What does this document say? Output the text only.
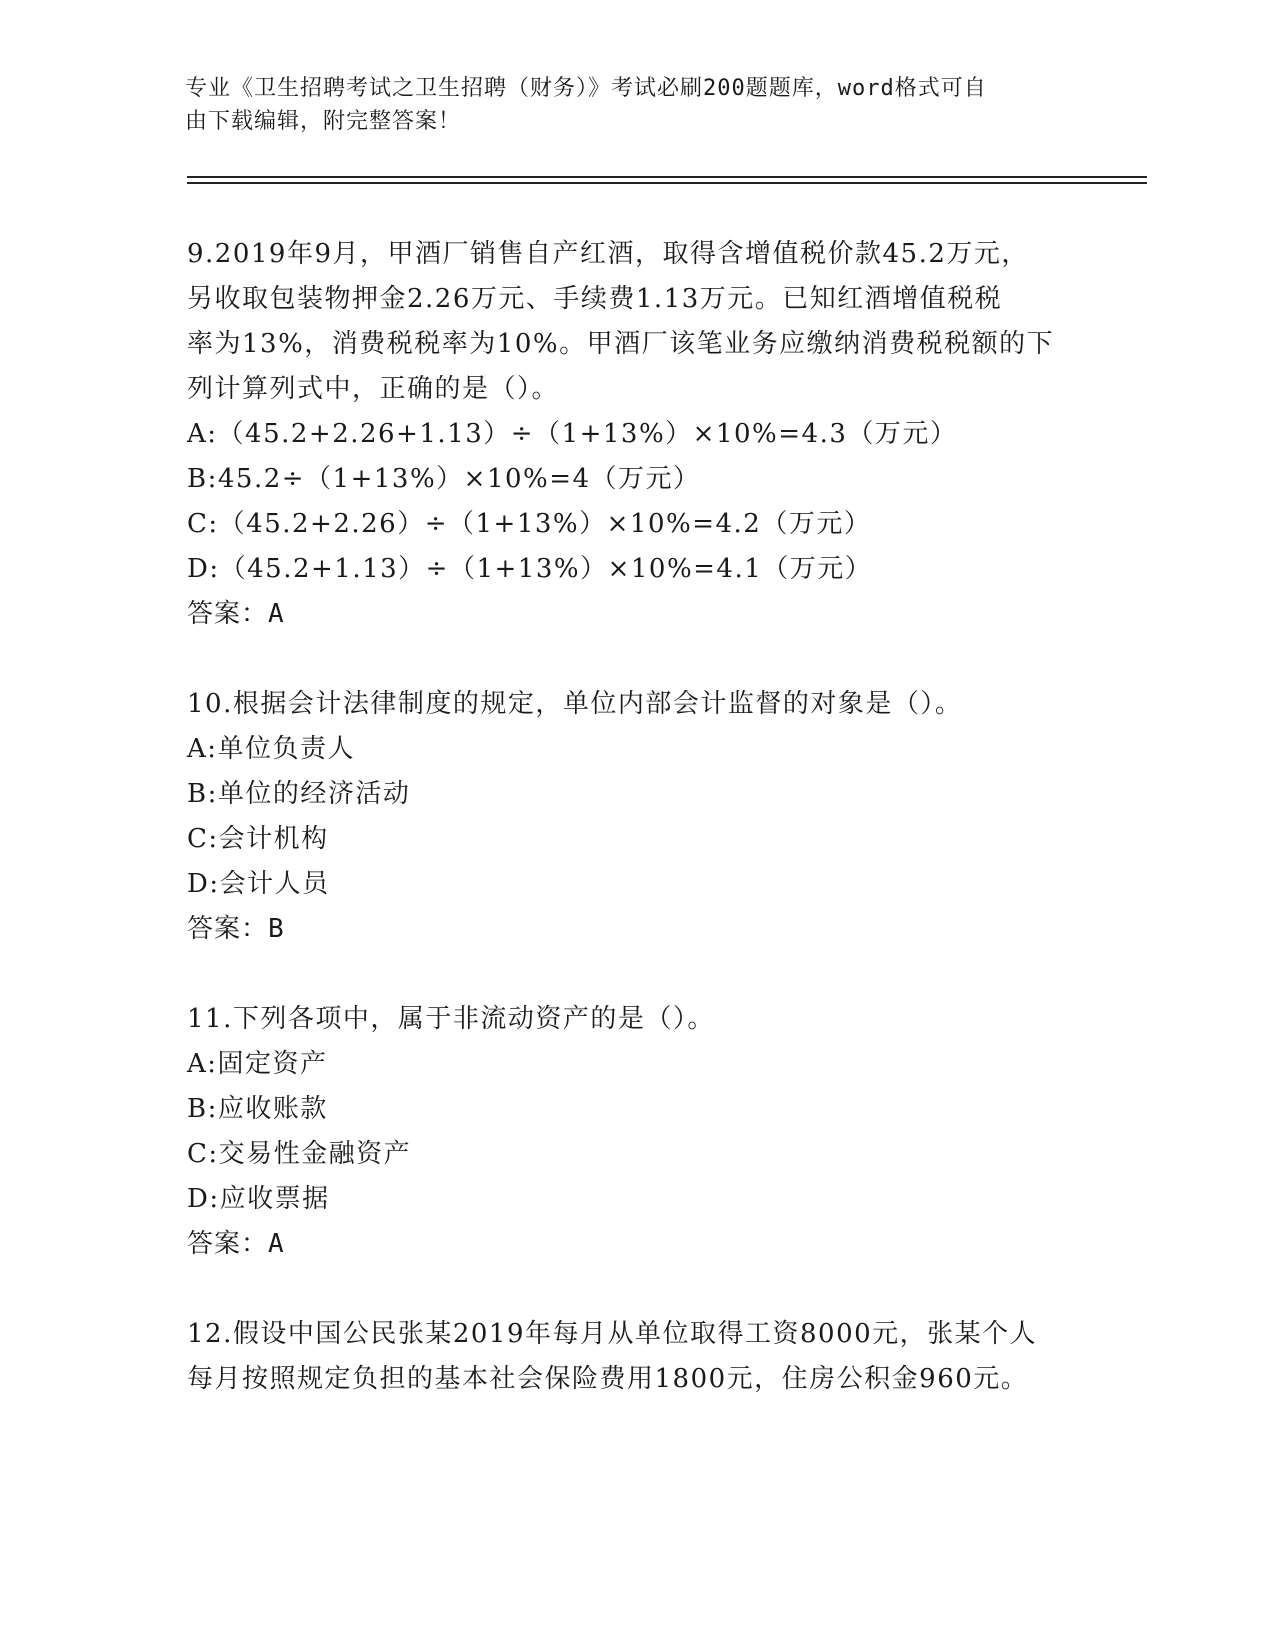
专业《卫生招聘考试之卫生招聘（财务）》考试必刷200题题库，word格式可自
由下载编辑，附完整答案！
9.2019年9月，甲酒厂销售自产红酒，取得含增值税价款45.2万元，
另收取包装物押金2.26万元、手续费1.13万元。已知红酒增值税税
率为13%，消费税税率为10%。甲酒厂该笔业务应缴纳消费税税额的下
列计算列式中，正确的是（）。
A:（45.2+2.26+1.13）÷（1+13%）×10%=4.3（万元）
B:45.2÷（1+13%）×10%=4（万元）
C:（45.2+2.26）÷（1+13%）×10%=4.2（万元）
D:（45.2+1.13）÷（1+13%）×10%=4.1（万元）
答案：A
10.根据会计法律制度的规定，单位内部会计监督的对象是（）。
A:单位负责人
B:单位的经济活动
C:会计机构
D:会计人员
答案：B
11.下列各项中，属于非流动资产的是（）。
A:固定资产
B:应收账款
C:交易性金融资产
D:应收票据
答案：A
12.假设中国公民张某2019年每月从单位取得工资8000元，张某个人
每月按照规定负担的基本社会保险费用1800元，住房公积金960元。
